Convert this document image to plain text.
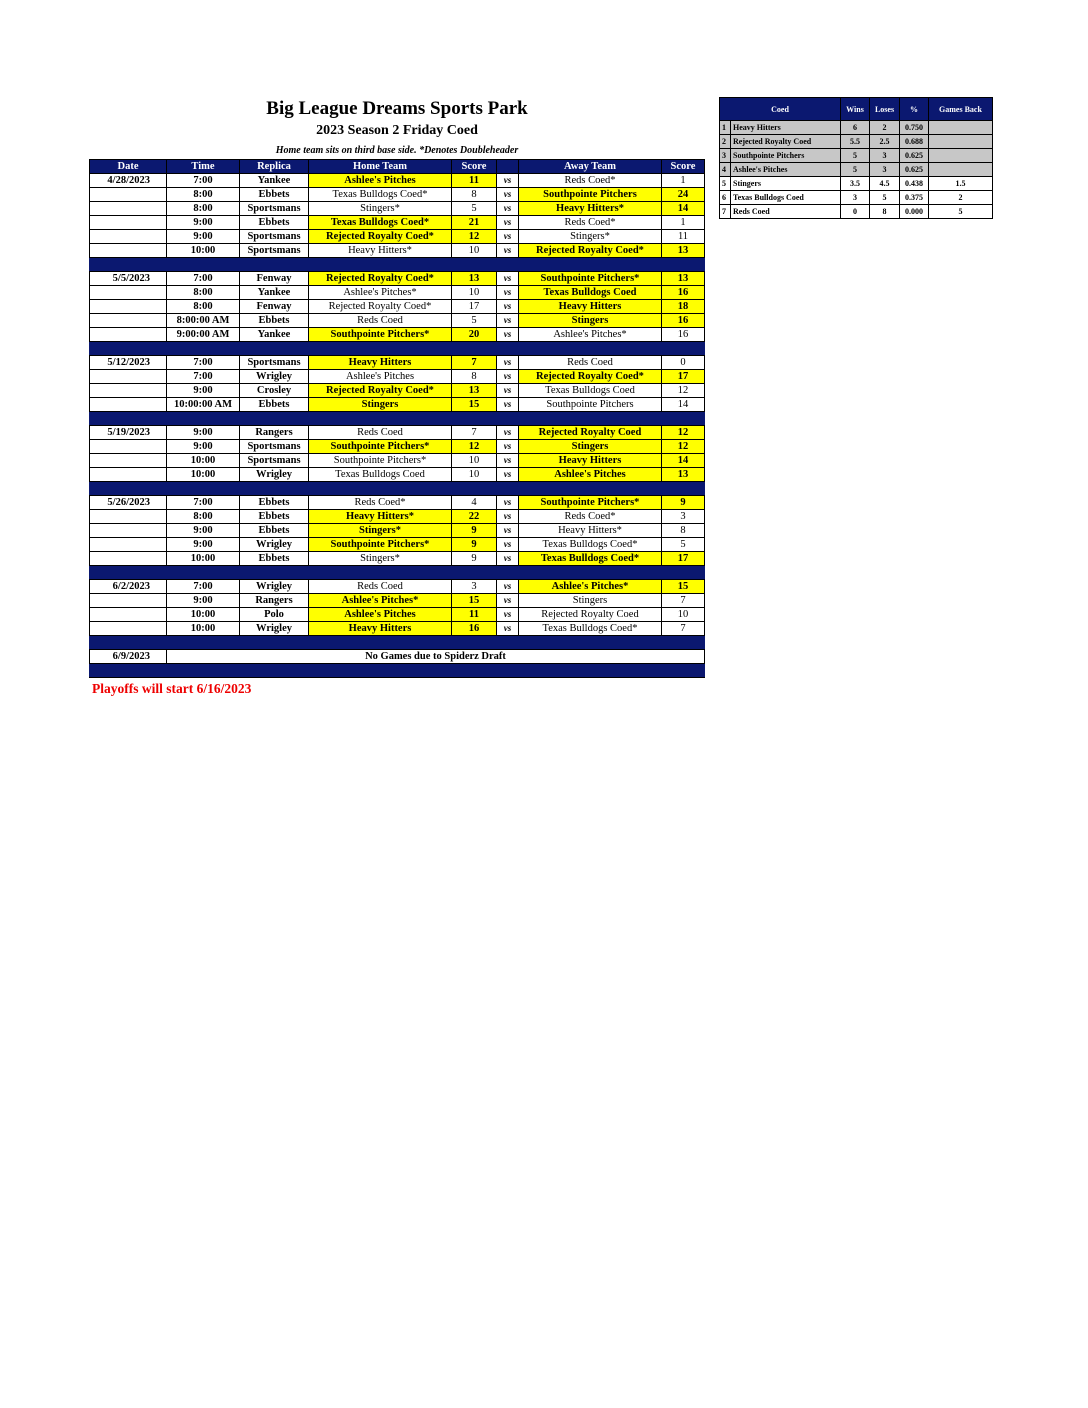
Big League Dreams Sports Park
2023 Season 2 Friday Coed
Home team sits on third base side. *Denotes Doubleheader
Date	Time	Replica	Home Team	Score		Away Team	Score
4/28/2023	7:00	Yankee	Ashlee's Pitches	11	vs	Reds Coed*	1
	8:00	Ebbets	Texas Bulldogs Coed*	8	vs	Southpointe Pitchers	24
	8:00	Sportsmans	Stingers*	5	vs	Heavy Hitters*	14
	9:00	Ebbets	Texas Bulldogs Coed*	21	vs	Reds Coed*	1
	9:00	Sportsmans	Rejected Royalty Coed*	12	vs	Stingers*	11
	10:00	Sportsmans	Heavy Hitters*	10	vs	Rejected Royalty Coed*	13

5/5/2023	7:00	Fenway	Rejected Royalty Coed*	13	vs	Southpointe Pitchers*	13
	8:00	Yankee	Ashlee's Pitches*	10	vs	Texas Bulldogs Coed	16
	8:00	Fenway	Rejected Royalty Coed*	17	vs	Heavy Hitters	18
	8:00:00 AM	Ebbets	Reds Coed	5	vs	Stingers	16
	9:00:00 AM	Yankee	Southpointe Pitchers*	20	vs	Ashlee's Pitches*	16

5/12/2023	7:00	Sportsmans	Heavy Hitters	7	vs	Reds Coed	0
	7:00	Wrigley	Ashlee's Pitches	8	vs	Rejected Royalty Coed*	17
	9:00	Crosley	Rejected Royalty Coed*	13	vs	Texas Bulldogs Coed	12
	10:00:00 AM	Ebbets	Stingers	15	vs	Southpointe Pitchers	14

5/19/2023	9:00	Rangers	Reds Coed	7	vs	Rejected Royalty Coed	12
	9:00	Sportsmans	Southpointe Pitchers*	12	vs	Stingers	12
	10:00	Sportsmans	Southpointe Pitchers*	10	vs	Heavy Hitters	14
	10:00	Wrigley	Texas Bulldogs Coed	10	vs	Ashlee's Pitches	13

5/26/2023	7:00	Ebbets	Reds Coed*	4	vs	Southpointe Pitchers*	9
	8:00	Ebbets	Heavy Hitters*	22	vs	Reds Coed*	3
	9:00	Ebbets	Stingers*	9	vs	Heavy Hitters*	8
	9:00	Wrigley	Southpointe Pitchers*	9	vs	Texas Bulldogs Coed*	5
	10:00	Ebbets	Stingers*	9	vs	Texas Bulldogs Coed*	17

6/2/2023	7:00	Wrigley	Reds Coed	3	vs	Ashlee's Pitches*	15
	9:00	Rangers	Ashlee's Pitches*	15	vs	Stingers	7
	10:00	Polo	Ashlee's Pitches	11	vs	Rejected Royalty Coed	10
	10:00	Wrigley	Heavy Hitters	16	vs	Texas Bulldogs Coed*	7

6/9/2023	No Games due to Spiderz Draft						

Playoffs will start 6/16/2023
Coed		Wins	Loses	%	Games Back
1	Heavy Hitters	6	2	0.750	
2	Rejected Royalty Coed	5.5	2.5	0.688	
3	Southpointe Pitchers	5	3	0.625	
4	Ashlee's Pitches	5	3	0.625	
5	Stingers	3.5	4.5	0.438	1.5
6	Texas Bulldogs Coed	3	5	0.375	2
7	Reds Coed	0	8	0.000	5
